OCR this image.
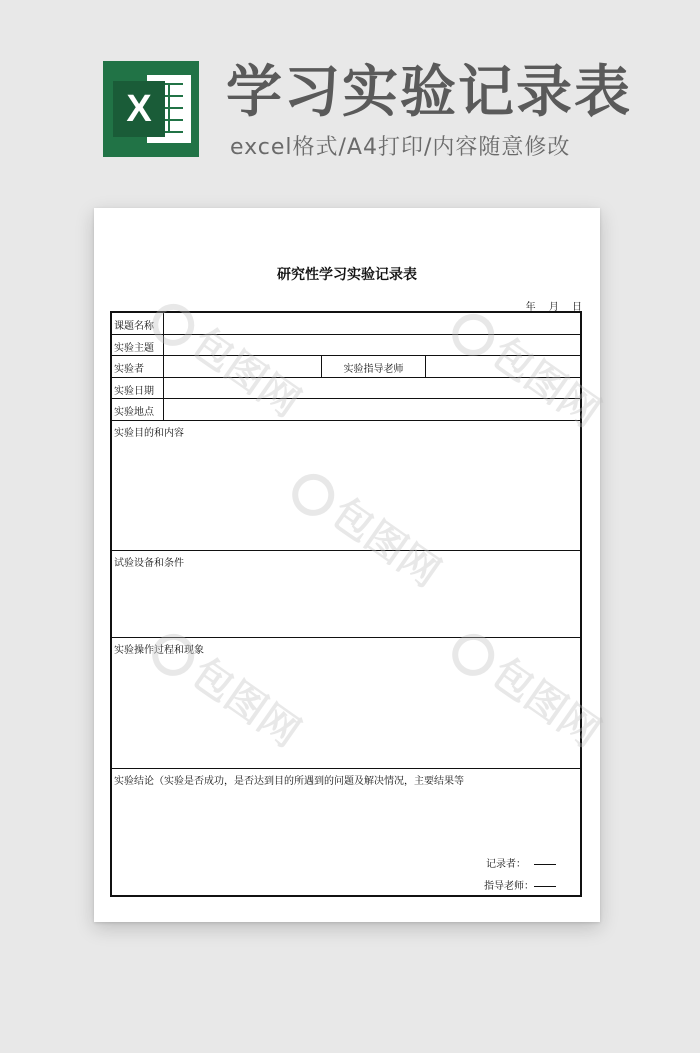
X 学习实验记录表
excel格式/A4打印/内容随意修改
研究性学习实验记录表
年 月 日
课题名称
实验主题
实验者	实验指导老师
实验日期
实验地点
实验目的和内容
试验设备和条件
实验操作过程和现象
实验结论（实验是否成功，是否达到目的所遇到的问题及解决情况，主要结果等
记录者：
指导老师：
包图网	包图网
包图网
包图网	包图网
